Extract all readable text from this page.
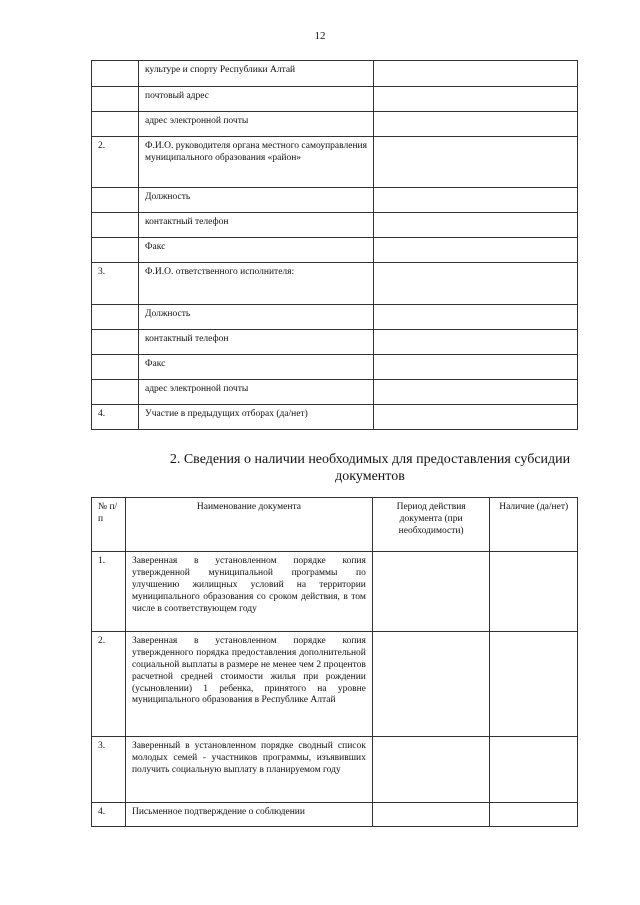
12
	культуре и спорту Республики Алтай	
	почтовый адрес	
	адрес электронной почты	
2.	Ф.И.О. руководителя органа местного самоуправления муниципального образования «район»	
	Должность	
	контактный телефон	
	Факс	
3.	Ф.И.О. ответственного исполнителя:	
	Должность	
	контактный телефон	
	Факс	
	адрес электронной почты	
4.	Участие в предыдущих отборах (да/нет)	
2. Сведения о наличии необходимых для предоставления субсидии документов
№ п/п	Наименование документа	Период действия документа (при необходимости)	Наличие (да/нет)
1.	Заверенная в установленном порядке копия утвержденной муниципальной программы по улучшению жилищных условий на территории муниципального образования со сроком действия, в том числе в соответствующем году		
2.	Заверенная в установленном порядке копия утвержденного порядка предоставления дополнительной социальной выплаты в размере не менее чем 2 процентов расчетной средней стоимости жилья при рождении (усыновлении) 1 ребенка, принятого на уровне муниципального образования в Республике Алтай		
3.	Заверенный в установленном порядке сводный список молодых семей - участников программы, изъявивших получить социальную выплату в планируемом году		
4.	Письменное подтверждение о соблюдении		
